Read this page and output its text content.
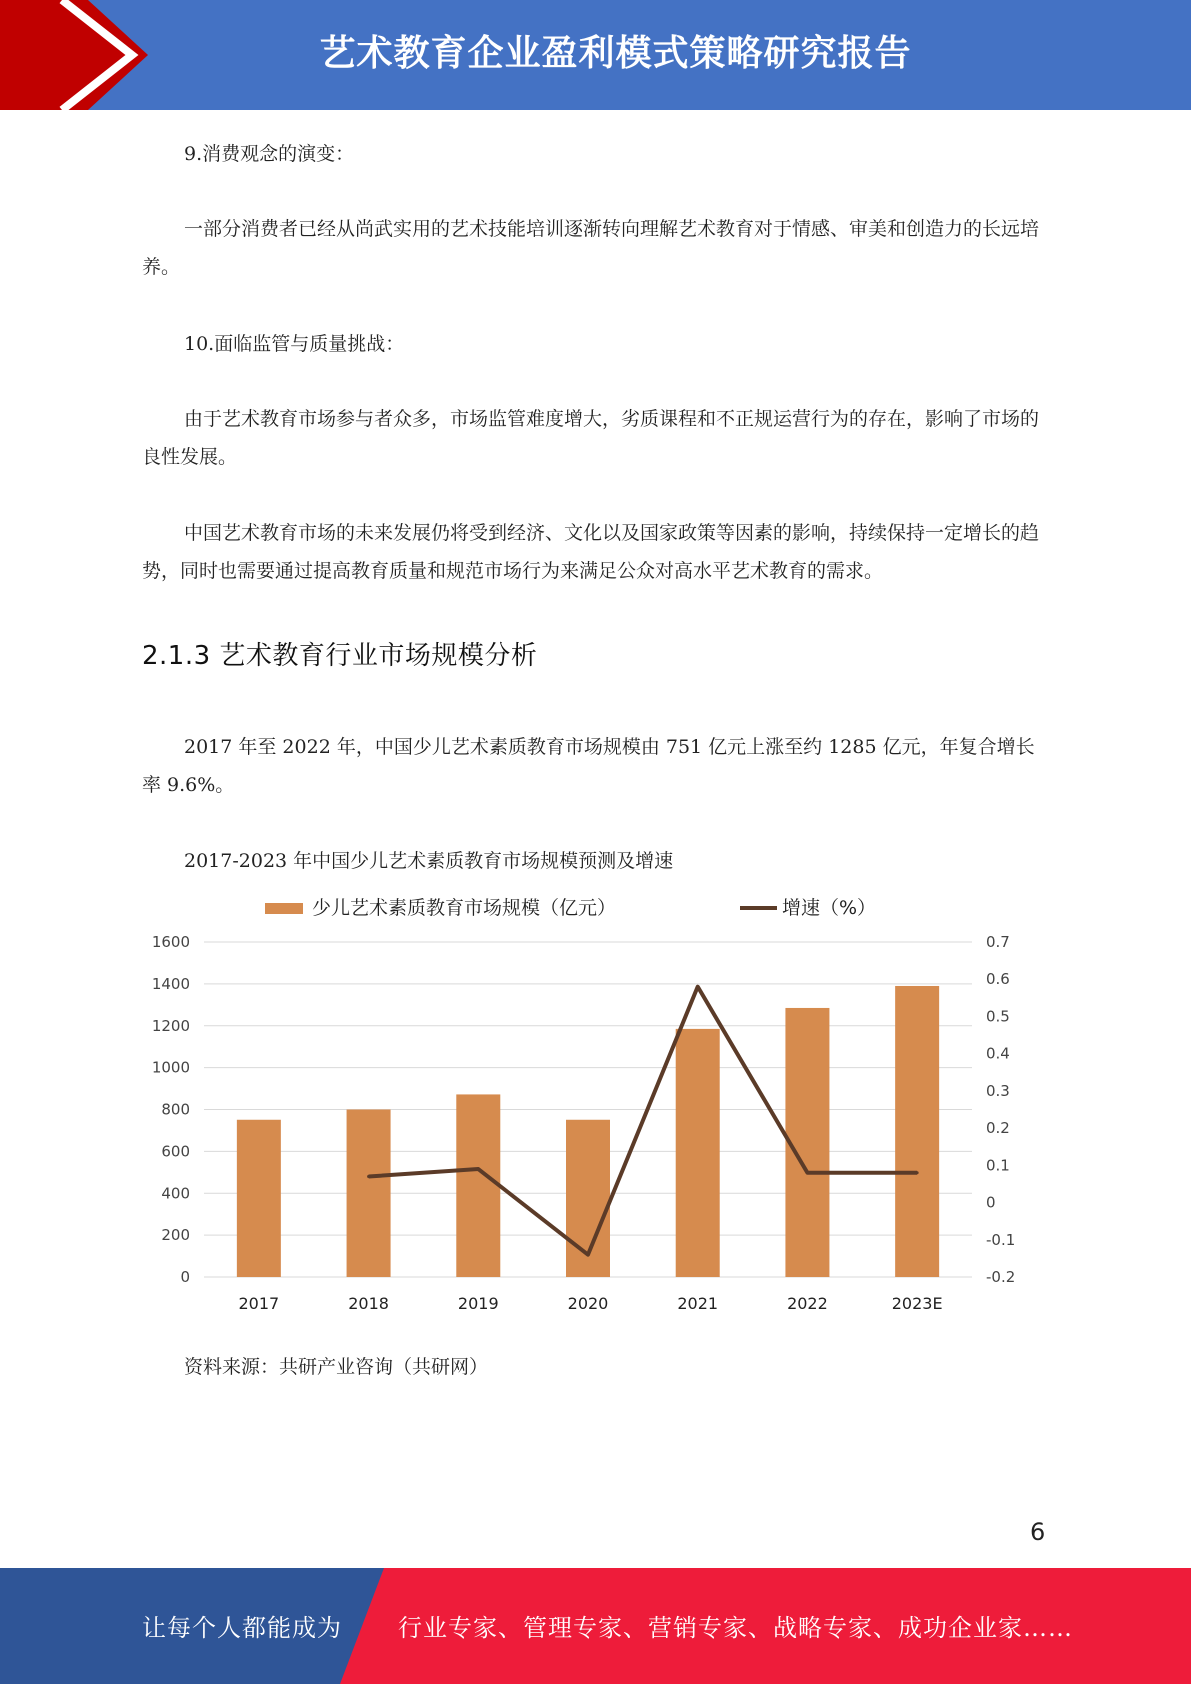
艺术教育企业盈利模式策略研究报告

9.消费观念的演变：

一部分消费者已经从尚武实用的艺术技能培训逐渐转向理解艺术教育对于情感、审美和创造力的长远培养。

10.面临监管与质量挑战：

由于艺术教育市场参与者众多，市场监管难度增大，劣质课程和不正规运营行为的存在，影响了市场的良性发展。

中国艺术教育市场的未来发展仍将受到经济、文化以及国家政策等因素的影响，持续保持一定增长的趋势，同时也需要通过提高教育质量和规范市场行为来满足公众对高水平艺术教育的需求。

2.1.3 艺术教育行业市场规模分析

2017 年至 2022 年，中国少儿艺术素质教育市场规模由 751 亿元上涨至约 1285 亿元，年复合增长率 9.6%。

2017-2023 年中国少儿艺术素质教育市场规模预测及增速

0
200
400
600
800
1000
1200
1400
1600
-0.2
-0.1
0
0.1
0.2
0.3
0.4
0.5
0.6
0.7
2017	2018	2019	2020	2021	2022	2023E
少儿艺术素质教育市场规模（亿元）	增速（%）
资料来源：共研产业咨询（共研网）
6
让每个人都能成为 行业专家、管理专家、营销专家、战略专家、成功企业家……
